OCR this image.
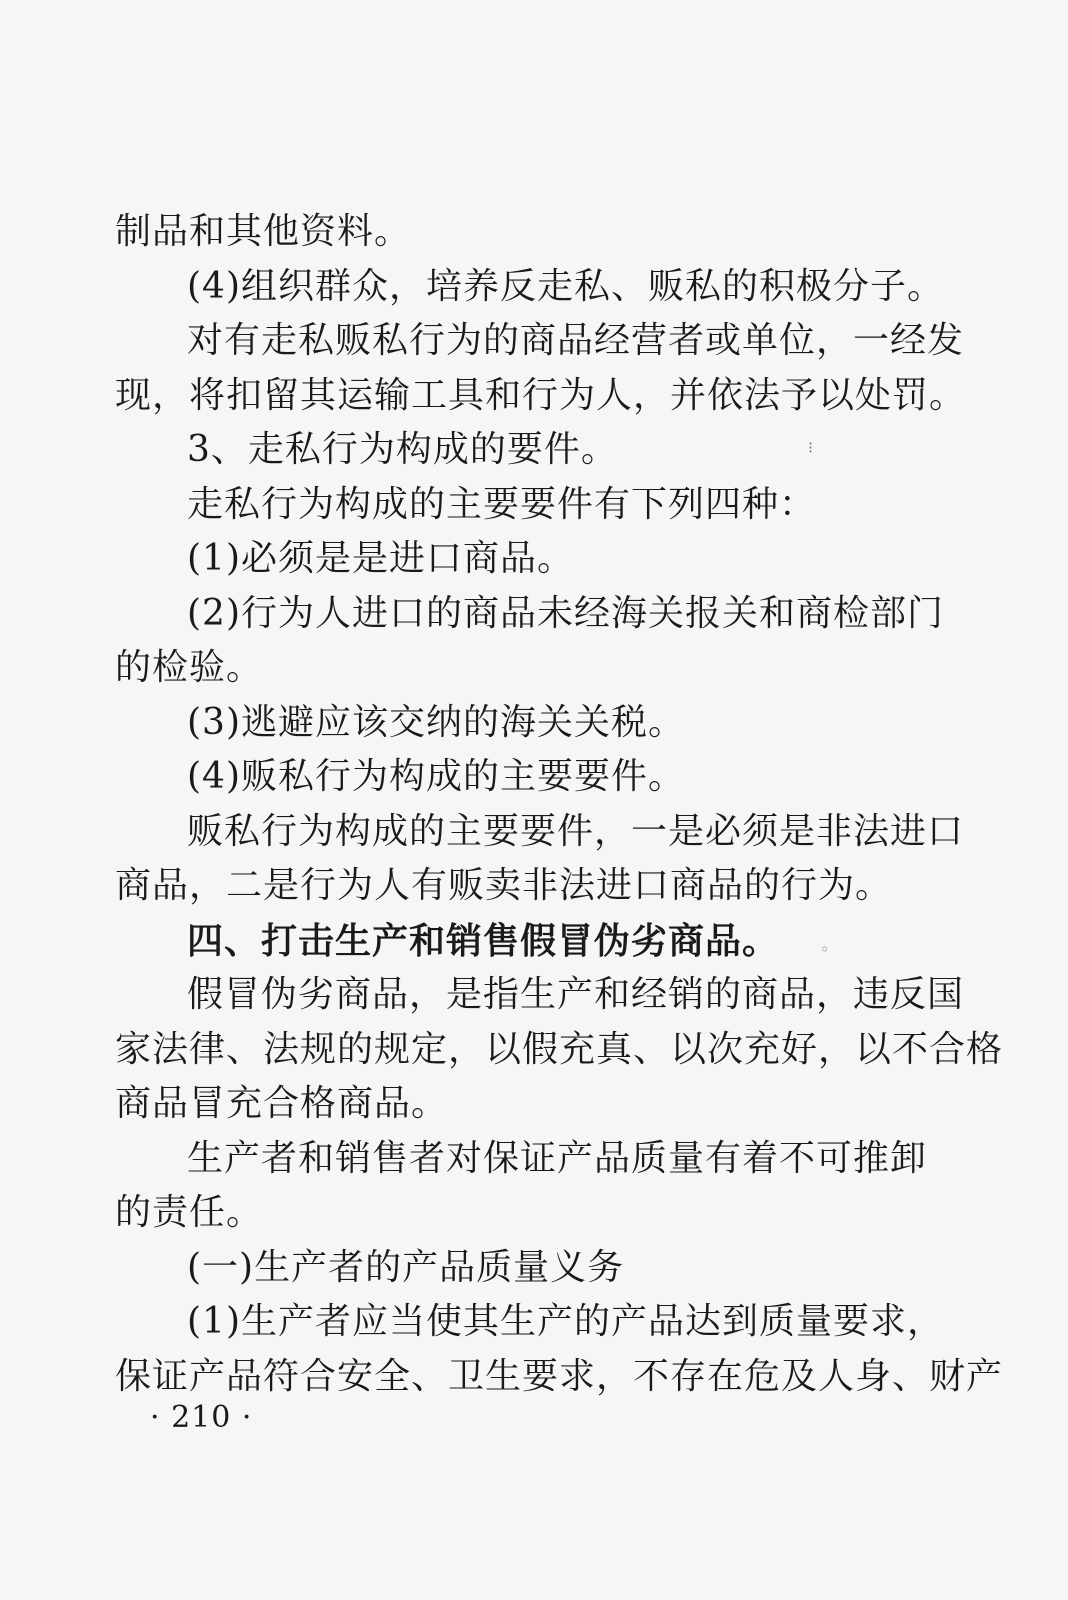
制品和其他资料。
(4)组织群众，培养反走私、贩私的积极分子。
对有走私贩私行为的商品经营者或单位，一经发
现，将扣留其运输工具和行为人，并依法予以处罚。
3、走私行为构成的要件。
走私行为构成的主要要件有下列四种：
(1)必须是是进口商品。
(2)行为人进口的商品未经海关报关和商检部门
的检验。
(3)逃避应该交纳的海关关税。
(4)贩私行为构成的主要要件。
贩私行为构成的主要要件，一是必须是非法进口
商品，二是行为人有贩卖非法进口商品的行为。
四、打击生产和销售假冒伪劣商品。
假冒伪劣商品，是指生产和经销的商品，违反国
家法律、法规的规定，以假充真、以次充好，以不合格
商品冒充合格商品。
生产者和销售者对保证产品质量有着不可推卸
的责任。
(一)生产者的产品质量义务
(1)生产者应当使其生产的产品达到质量要求，
保证产品符合安全、卫生要求，不存在危及人身、财产
· 210 ·
⁝
◦
